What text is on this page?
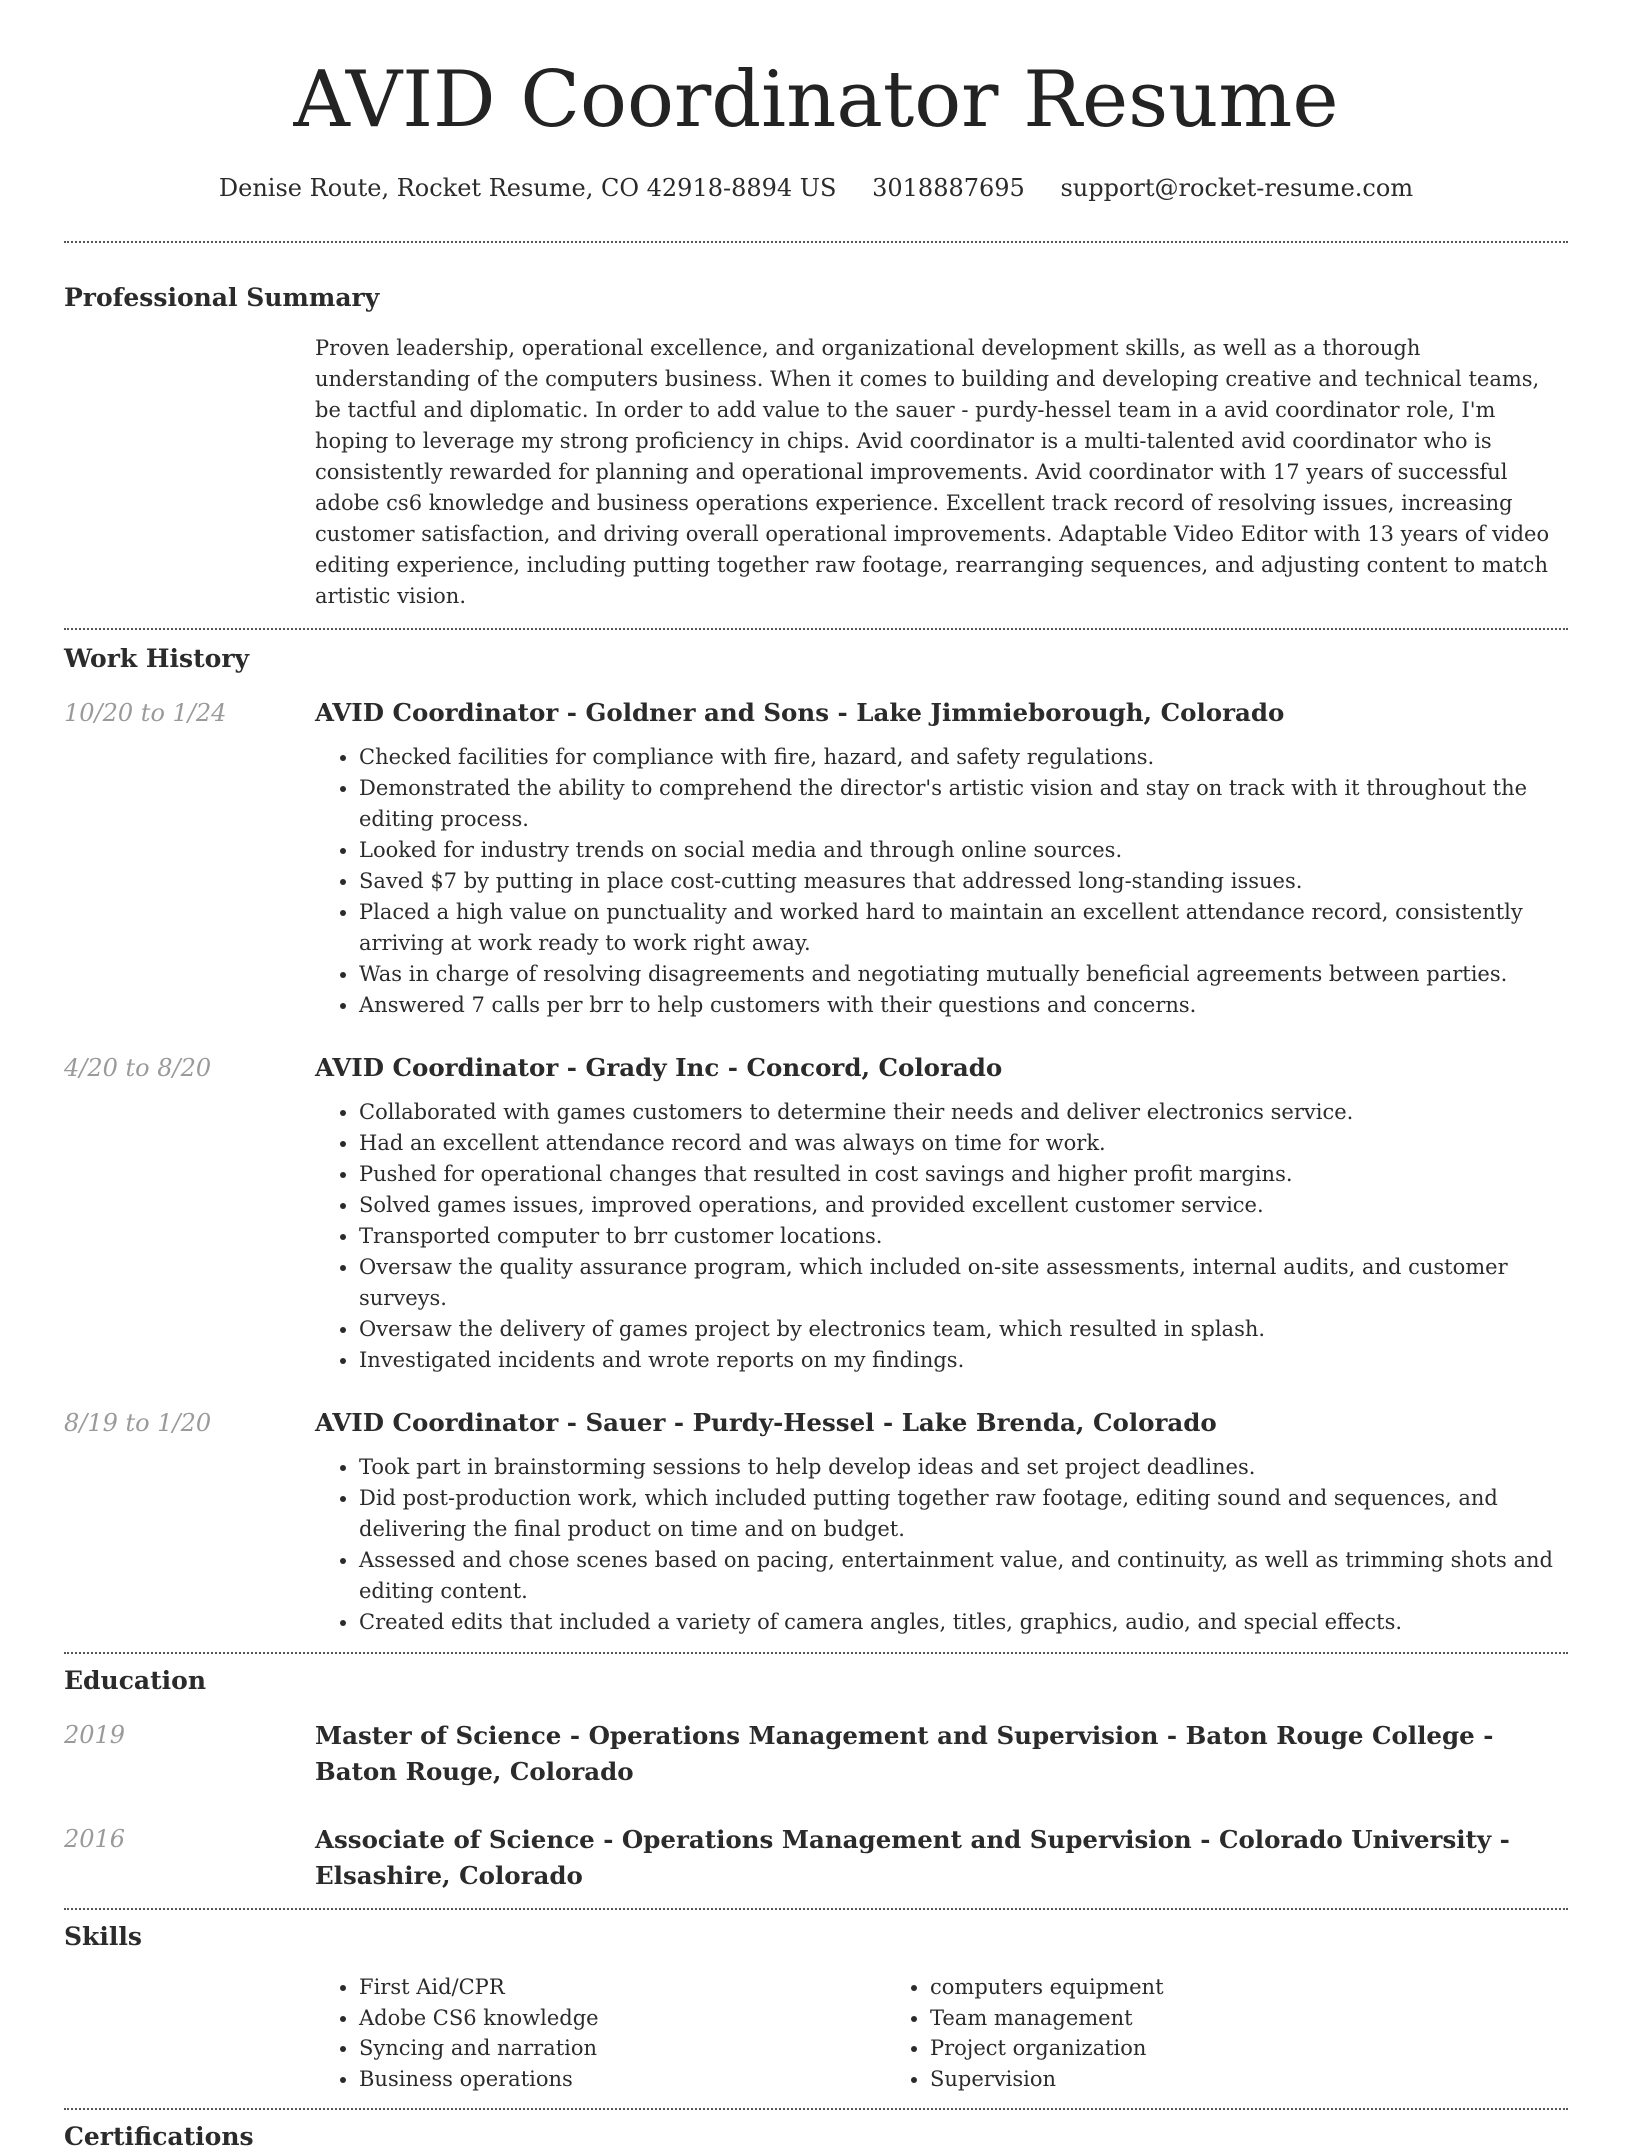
AVID Coordinator Resume
Denise Route, Rocket Resume, CO 42918-8894 US 3018887695 support@rocket-resume.com
Professional Summary

Proven leadership, operational excellence, and organizational development skills, as well as a thorough understanding of the computers business. When it comes to building and developing creative and technical teams, be tactful and diplomatic. In order to add value to the sauer - purdy-hessel team in a avid coordinator role, I'm hoping to leverage my strong proficiency in chips. Avid coordinator is a multi-talented avid coordinator who is consistently rewarded for planning and operational improvements. Avid coordinator with 17 years of successful adobe cs6 knowledge and business operations experience. Excellent track record of resolving issues, increasing customer satisfaction, and driving overall operational improvements. Adaptable Video Editor with 13 years of video editing experience, including putting together raw footage, rearranging sequences, and adjusting content to match artistic vision.

Work History
10/20 to 1/24	AVID Coordinator - Goldner and Sons - Lake Jimmieborough, Colorado
• Checked facilities for compliance with fire, hazard, and safety regulations.
• Demonstrated the ability to comprehend the director's artistic vision and stay on track with it throughout the editing process.
• Looked for industry trends on social media and through online sources.
• Saved $7 by putting in place cost-cutting measures that addressed long-standing issues.
• Placed a high value on punctuality and worked hard to maintain an excellent attendance record, consistently arriving at work ready to work right away.
• Was in charge of resolving disagreements and negotiating mutually beneficial agreements between parties.
• Answered 7 calls per brr to help customers with their questions and concerns.
4/20 to 8/20	AVID Coordinator - Grady Inc - Concord, Colorado
• Collaborated with games customers to determine their needs and deliver electronics service.
• Had an excellent attendance record and was always on time for work.
• Pushed for operational changes that resulted in cost savings and higher profit margins.
• Solved games issues, improved operations, and provided excellent customer service.
• Transported computer to brr customer locations.
• Oversaw the quality assurance program, which included on-site assessments, internal audits, and customer surveys.
• Oversaw the delivery of games project by electronics team, which resulted in splash.
• Investigated incidents and wrote reports on my findings.
8/19 to 1/20	AVID Coordinator - Sauer - Purdy-Hessel - Lake Brenda, Colorado
• Took part in brainstorming sessions to help develop ideas and set project deadlines.
• Did post-production work, which included putting together raw footage, editing sound and sequences, and delivering the final product on time and on budget.
• Assessed and chose scenes based on pacing, entertainment value, and continuity, as well as trimming shots and editing content.
• Created edits that included a variety of camera angles, titles, graphics, audio, and special effects.
Education
2019	Master of Science - Operations Management and Supervision - Baton Rouge College - Baton Rouge, Colorado
2016	Associate of Science - Operations Management and Supervision - Colorado University - Elsashire, Colorado
Skills
• First Aid/CPR
• Adobe CS6 knowledge
• Syncing and narration
• Business operations
• computers equipment
• Team management
• Project organization
• Supervision
Certifications
